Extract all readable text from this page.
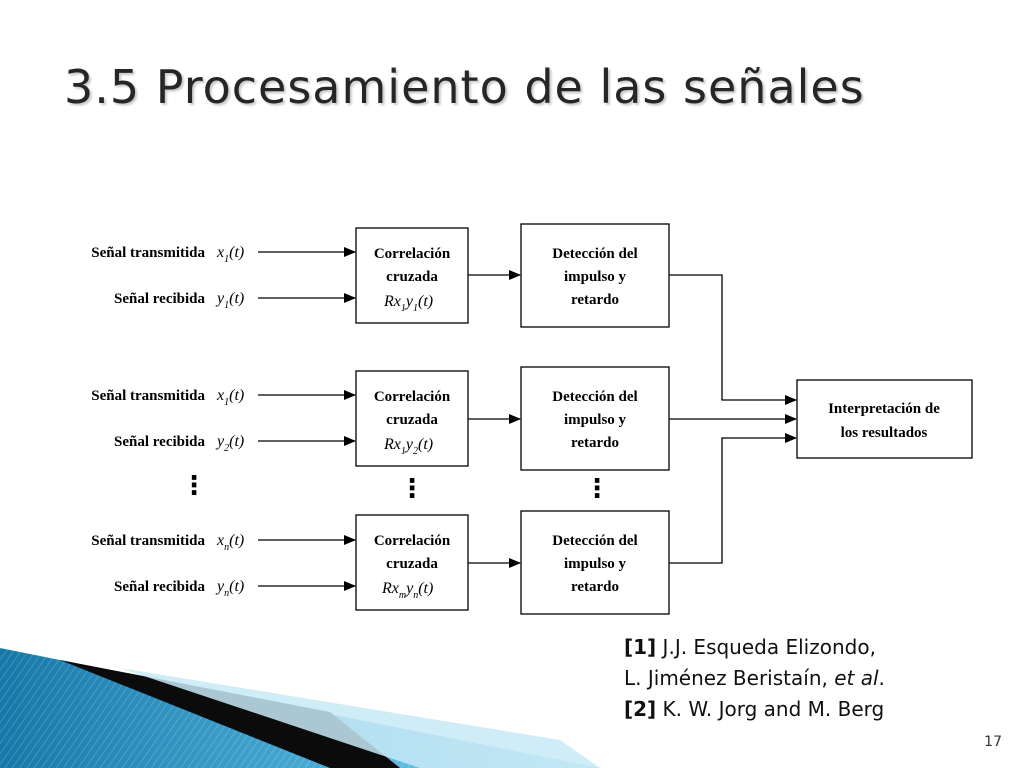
3.5 Procesamiento de las señales
Señal transmitida $x_1(t)$
Señal recibida $y_1(t)$
Correlación
cruzada
$Rx_1y_1(t)$
Detección del
impulso y
retardo
Señal transmitida $x_1(t)$
Señal recibida $y_2(t)$
Correlación
cruzada
$Rx_1y_2(t)$
Detección del
impulso y
retardo
⋮	⋮	⋮
Señal transmitida $x_n(t)$
Señal recibida $y_n(t)$
Correlación
cruzada
$Rx_my_n(t)$
Detección del
impulso y
retardo
Interpretación de
los resultados
[1] J.J. Esqueda Elizondo,
L. Jiménez Beristaín, et al.
[2] K. W. Jorg and M. Berg
17
